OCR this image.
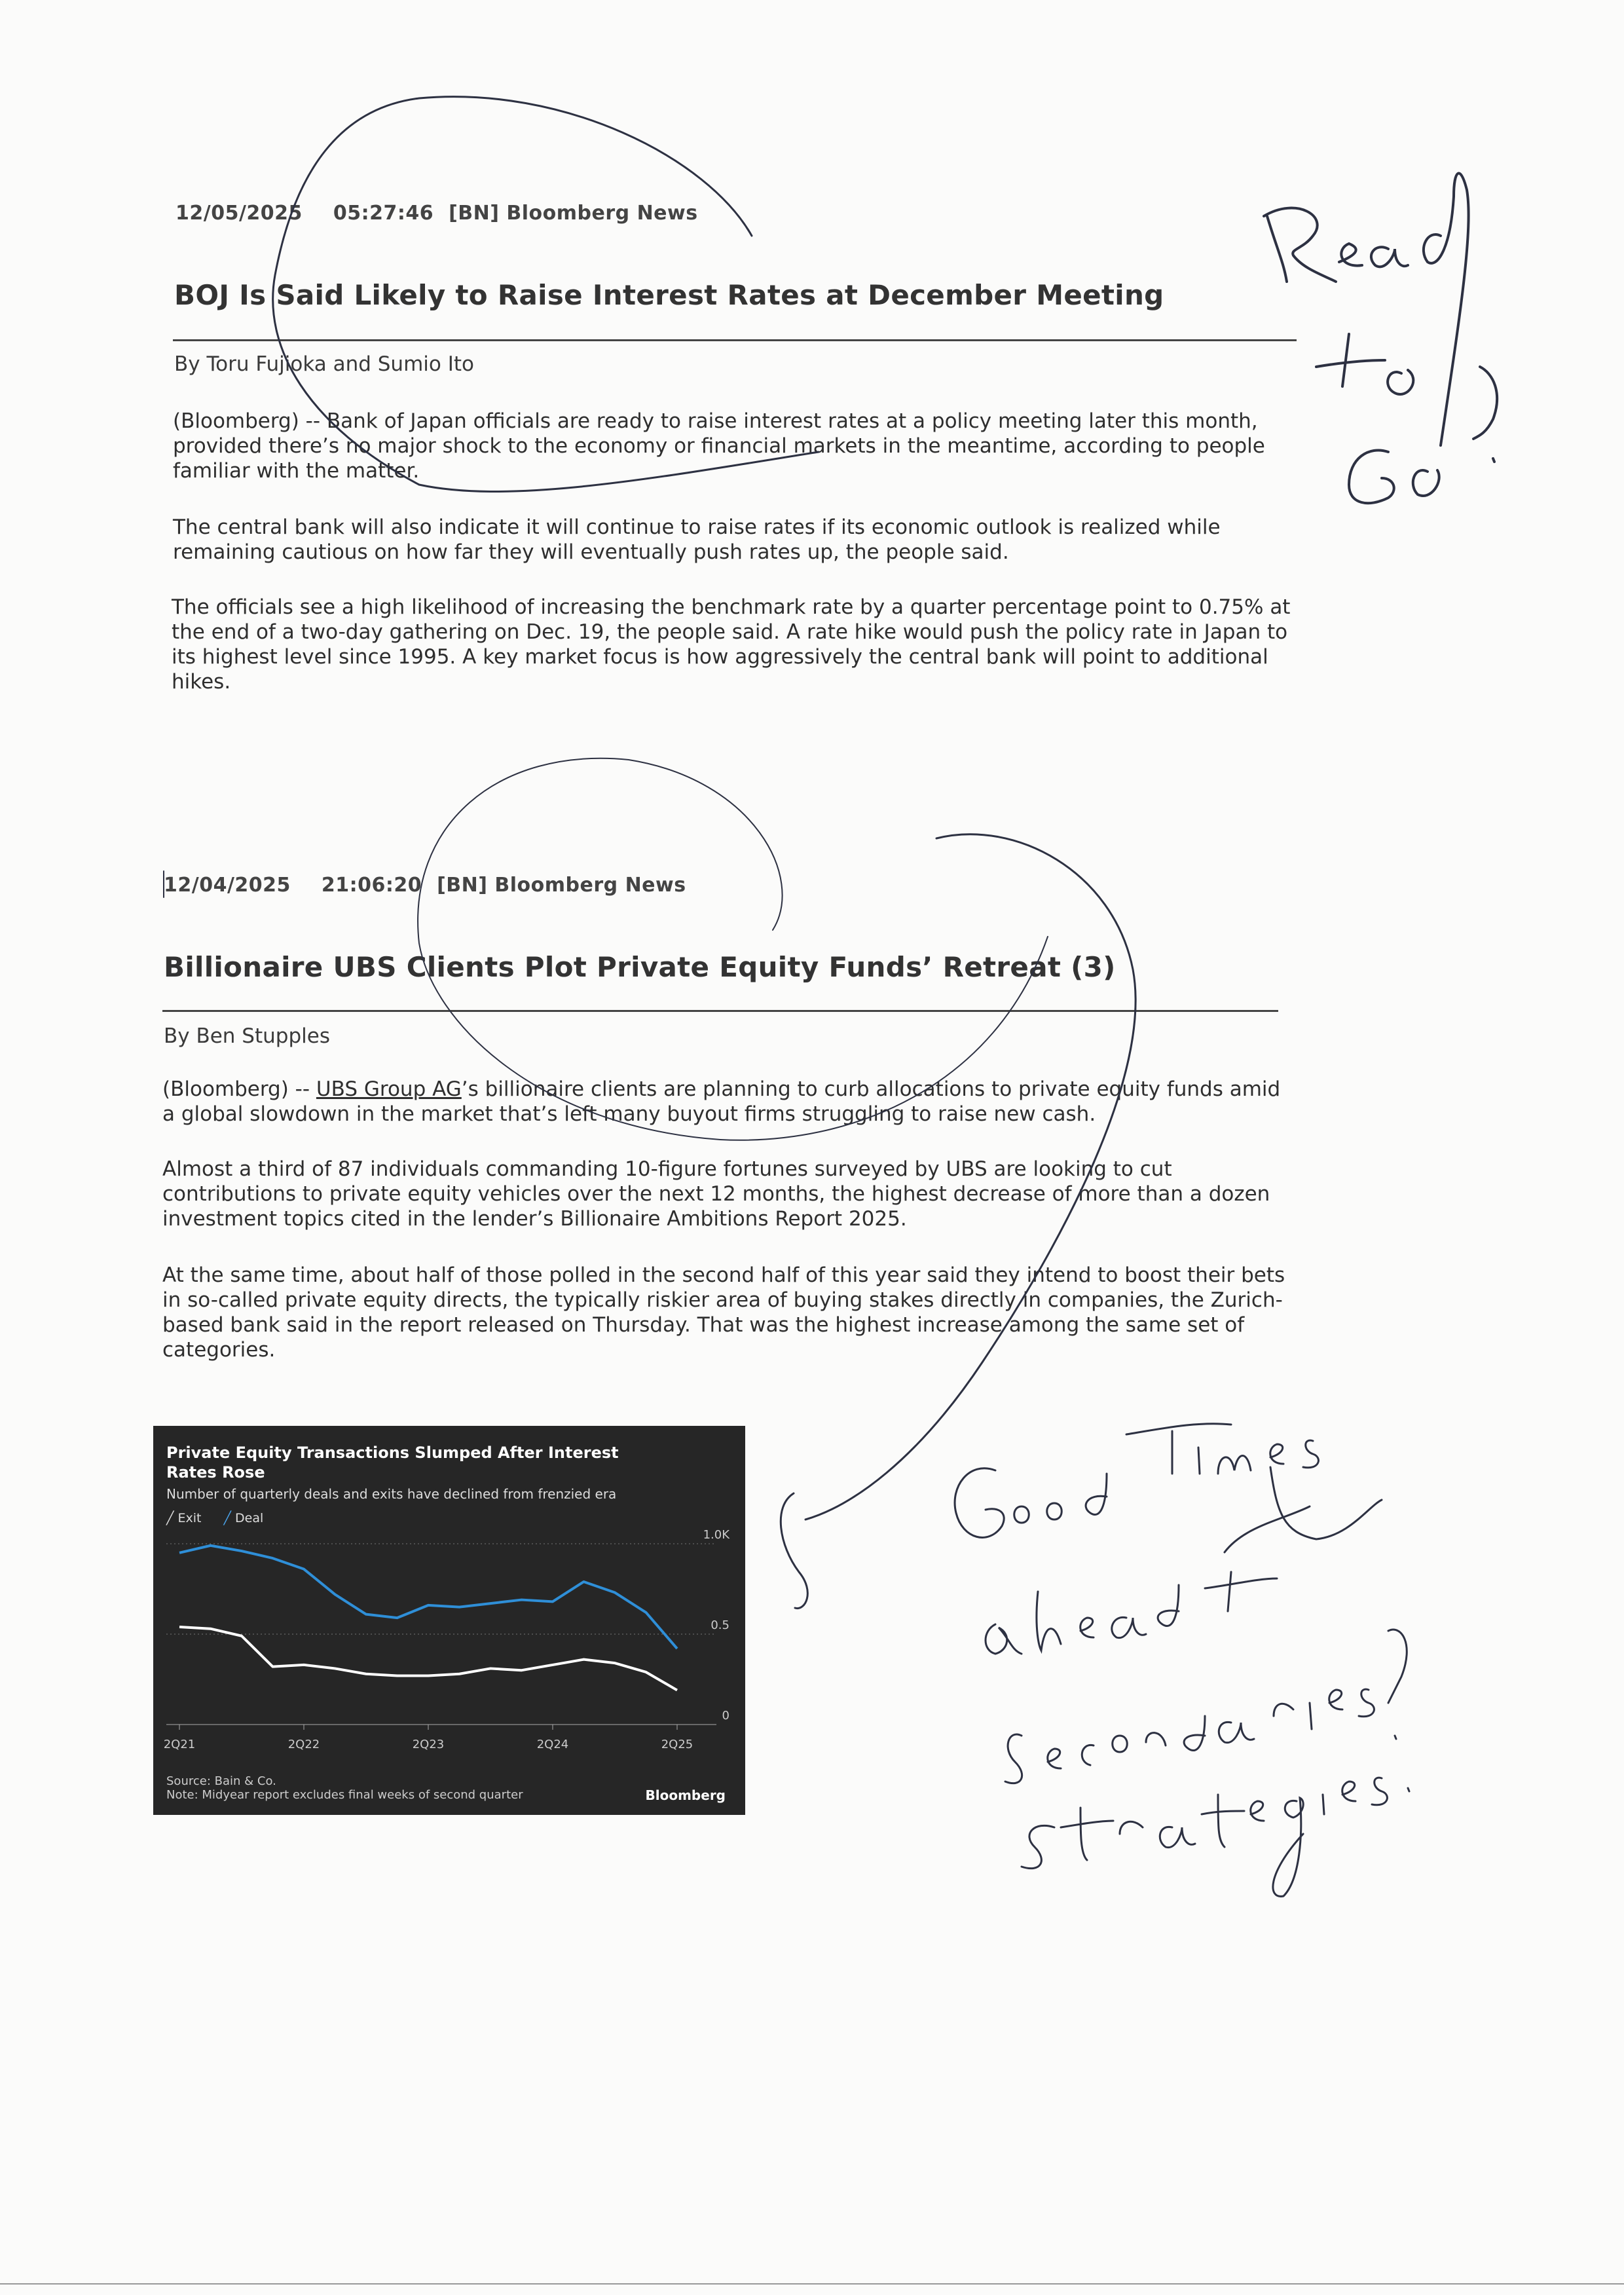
12/05/2025 05:27:46 [BN] Bloomberg News
BOJ Is Said Likely to Raise Interest Rates at December Meeting
By Toru Fujioka and Sumio Ito

(Bloomberg) -- Bank of Japan officials are ready to raise interest rates at a policy meeting later this month, provided there’s no major shock to the economy or financial markets in the meantime, according to people familiar with the matter.

The central bank will also indicate it will continue to raise rates if its economic outlook is realized while remaining cautious on how far they will eventually push rates up, the people said.

The officials see a high likelihood of increasing the benchmark rate by a quarter percentage point to 0.75% at the end of a two-day gathering on Dec. 19, the people said. A rate hike would push the policy rate in Japan to its highest level since 1995. A key market focus is how aggressively the central bank will point to additional hikes.

12/04/2025 21:06:20 [BN] Bloomberg News
Billionaire UBS Clients Plot Private Equity Funds’ Retreat (3)
By Ben Stupples

(Bloomberg) -- UBS Group AG’s billionaire clients are planning to curb allocations to private equity funds amid a global slowdown in the market that’s left many buyout firms struggling to raise new cash.

Almost a third of 87 individuals commanding 10-figure fortunes surveyed by UBS are looking to cut contributions to private equity vehicles over the next 12 months, the highest decrease of more than a dozen investment topics cited in the lender’s Billionaire Ambitions Report 2025.

At the same time, about half of those polled in the second half of this year said they intend to boost their bets in so-called private equity directs, the typically riskier area of buying stakes directly in companies, the Zurich-based bank said in the report released on Thursday. That was the highest increase among the same set of categories.

Private Equity Transactions Slumped After Interest Rates Rose
Number of quarterly deals and exits have declined from frenzied era
╱ Exit ╱ Deal
1.0K
0.5
0
2Q21	2Q22	2Q23	2Q24	2Q25
Source: Bain & Co.
Note: Midyear report excludes final weeks of second quarter	Bloomberg
